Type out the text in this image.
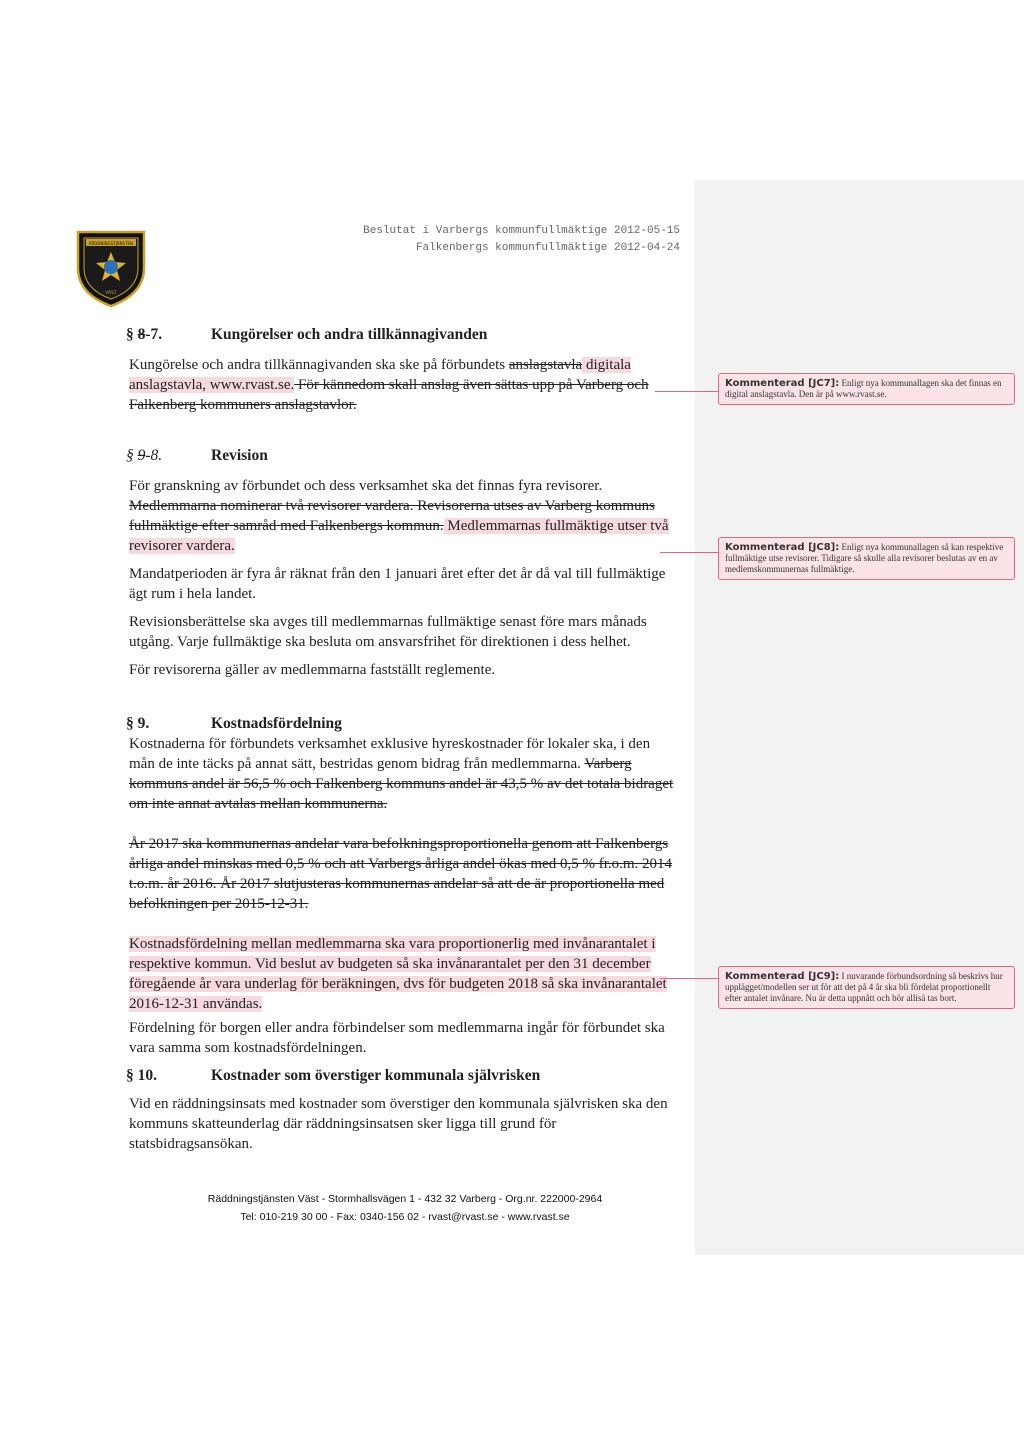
Beslutat i Varbergs kommunfullmäktige 2012-05-15
Falkenbergs kommunfullmäktige 2012-04-24
RÄDDNINGSTJÄNSTEN
VÄST
§ 8-7.	Kungörelser och andra tillkännagivanden

Kungörelse och andra tillkännagivanden ska ske på förbundets anslagstavla digitala anslagstavla, www.rvast.se. För kännedom skall anslag även sättas upp på Varberg och Falkenberg kommuners anslagstavlor.

§ 9-8.	Revision

För granskning av förbundet och dess verksamhet ska det finnas fyra revisorer.

Medlemmarna nominerar två revisorer vardera. Revisorerna utses av Varberg kommuns fullmäktige efter samråd med Falkenbergs kommun. Medlemmarnas fullmäktige utser två revisorer vardera.

Mandatperioden är fyra år räknat från den 1 januari året efter det år då val till fullmäktige ägt rum i hela landet.

Revisionsberättelse ska avges till medlemmarnas fullmäktige senast före mars månads utgång. Varje fullmäktige ska besluta om ansvarsfrihet för direktionen i dess helhet.

För revisorerna gäller av medlemmarna fastställt reglemente.

§ 9.	Kostnadsfördelning

Kostnaderna för förbundets verksamhet exklusive hyreskostnader för lokaler ska, i den mån de inte täcks på annat sätt, bestridas genom bidrag från medlemmarna. Varberg kommuns andel är 56,5 % och Falkenberg kommuns andel är 43,5 % av det totala bidraget om inte annat avtalas mellan kommunerna.

År 2017 ska kommunernas andelar vara befolkningsproportionella genom att Falkenbergs årliga andel minskas med 0,5 % och att Varbergs årliga andel ökas med 0,5 % fr.o.m. 2014 t.o.m. år 2016. År 2017 slutjusteras kommunernas andelar så att de är proportionella med befolkningen per 2015-12-31.

Kostnadsfördelning mellan medlemmarna ska vara proportionerlig med invånarantalet i respektive kommun. Vid beslut av budgeten så ska invånarantalet per den 31 december föregående år vara underlag för beräkningen, dvs för budgeten 2018 så ska invånarantalet 2016-12-31 användas.

Fördelning för borgen eller andra förbindelser som medlemmarna ingår för förbundet ska vara samma som kostnadsfördelningen.

§ 10.	Kostnader som överstiger kommunala självrisken

Vid en räddningsinsats med kostnader som överstiger den kommunala självrisken ska den kommuns skatteunderlag där räddningsinsatsen sker ligga till grund för statsbidragsansökan.

Kommenterad [JC7]: Enligt nya kommunallagen ska det finnas en digital anslagstavla. Den är på www.rvast.se.
Kommenterad [JC8]: Enligt nya kommunallagen så kan respektive fullmäktige utse revisorer. Tidigare så skulle alla revisorer beslutas av en av medlemskommunernas fullmäktige.
Kommenterad [JC9]: I nuvarande förbundsordning så beskrivs hur upplägget/modellen ser ut för att det på 4 år ska bli fördelat proportionellt efter antalet invånare. Nu är detta uppnått och bör allisä tas bort.
Räddningstjänsten Väst - Stormhallsvägen 1 - 432 32 Varberg - Org.nr. 222000-2964
Tel: 010-219 30 00 - Fax: 0340-156 02 - rvast@rvast.se - www.rvast.se
